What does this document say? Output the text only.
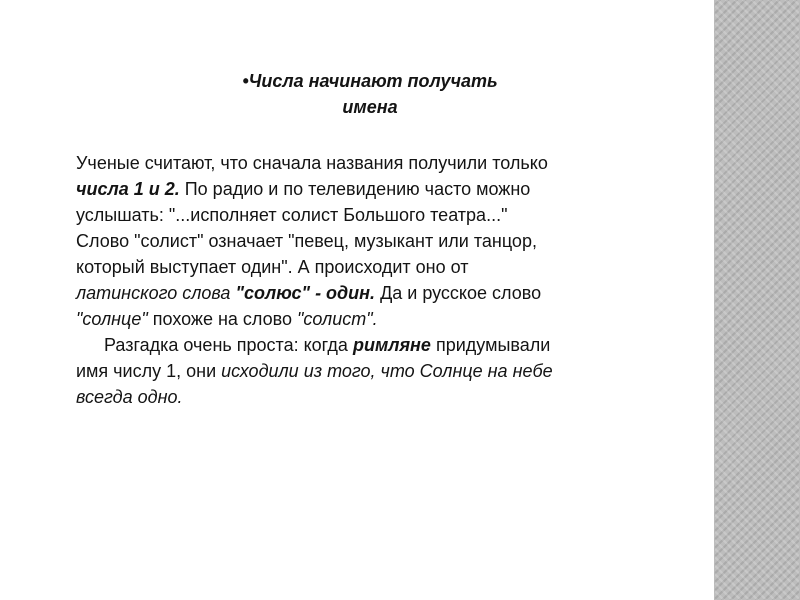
•Числа начинают получать
имена
Ученые считают, что сначала названия получили только
числа 1 и 2. По радио и по телевидению часто можно
услышать: "...исполняет солист Большого театра..."
Слово "солист" означает "певец, музыкант или танцор,
который выступает один". А происходит оно от
латинского слова "солюс" - один. Да и русское слово
"солнце" похоже на слово "солист".
Разгадка очень проста: когда римляне придумывали
имя числу 1, они исходили из того, что Солнце на небе
всегда одно.
